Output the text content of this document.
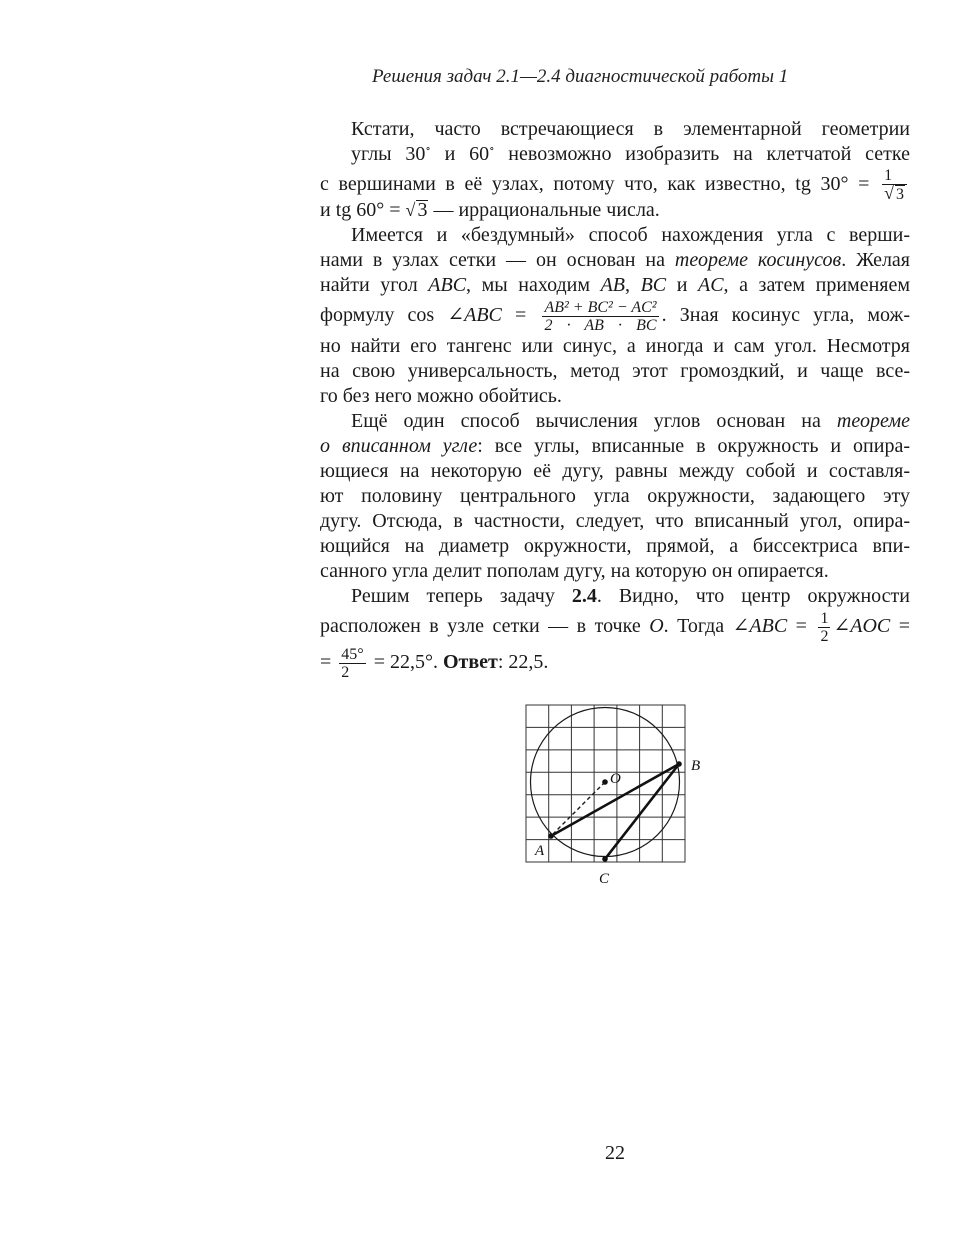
Решения задач 2.1—2.4 диагностической работы 1
Кстати, часто встречающиеся в элементарной геометрии
углы 30∘ и 60∘ невозможно изобразить на клетчатой сетке
с вершинами в её узлах, потому что, как известно, tg $30^\circ = \frac{1}{√ 3}$
и tg 60° = √ 3 — иррациональные числа.
Имеется и «бездумный» способ нахождения угла с верши-
нами в узлах сетки — он основан на теореме косинусов. Желая
найти угол ABC, мы находим AB, BC и AC, а затем применяем
формулу cos ∠ABC = $\frac{\text{AB² + BC² − AC²}}{2 \cdot AB \cdot BC}$ . Зная косинус угла, мож-
но найти его тангенс или синус, а иногда и сам угол. Несмотря
на свою универсальность, метод этот громоздкий, и чаще все-
го без него можно обойтись.
Ещё один способ вычисления углов основан на теореме
о вписанном угле: все углы, вписанные в окружность и опира-
ющиеся на некоторую её дугу, равны между собой и составля-
ют половину центрального угла окружности, задающего эту
дугу. Отсюда, в частности, следует, что вписанный угол, опира-
ющийся на диаметр окружности, прямой, а биссектриса впи-
санного угла делит пополам дугу, на которую он опирается.
Решим теперь задачу 2.4. Видно, что центр окружности
расположен в узле сетки — в точке O. Тогда ∠ABC = $\frac{1}{2}$ ∠AOC =
= $\frac{45^\circ}{2} = 22,5^\circ$. Ответ: 22,5.
O
A
B
C
22
